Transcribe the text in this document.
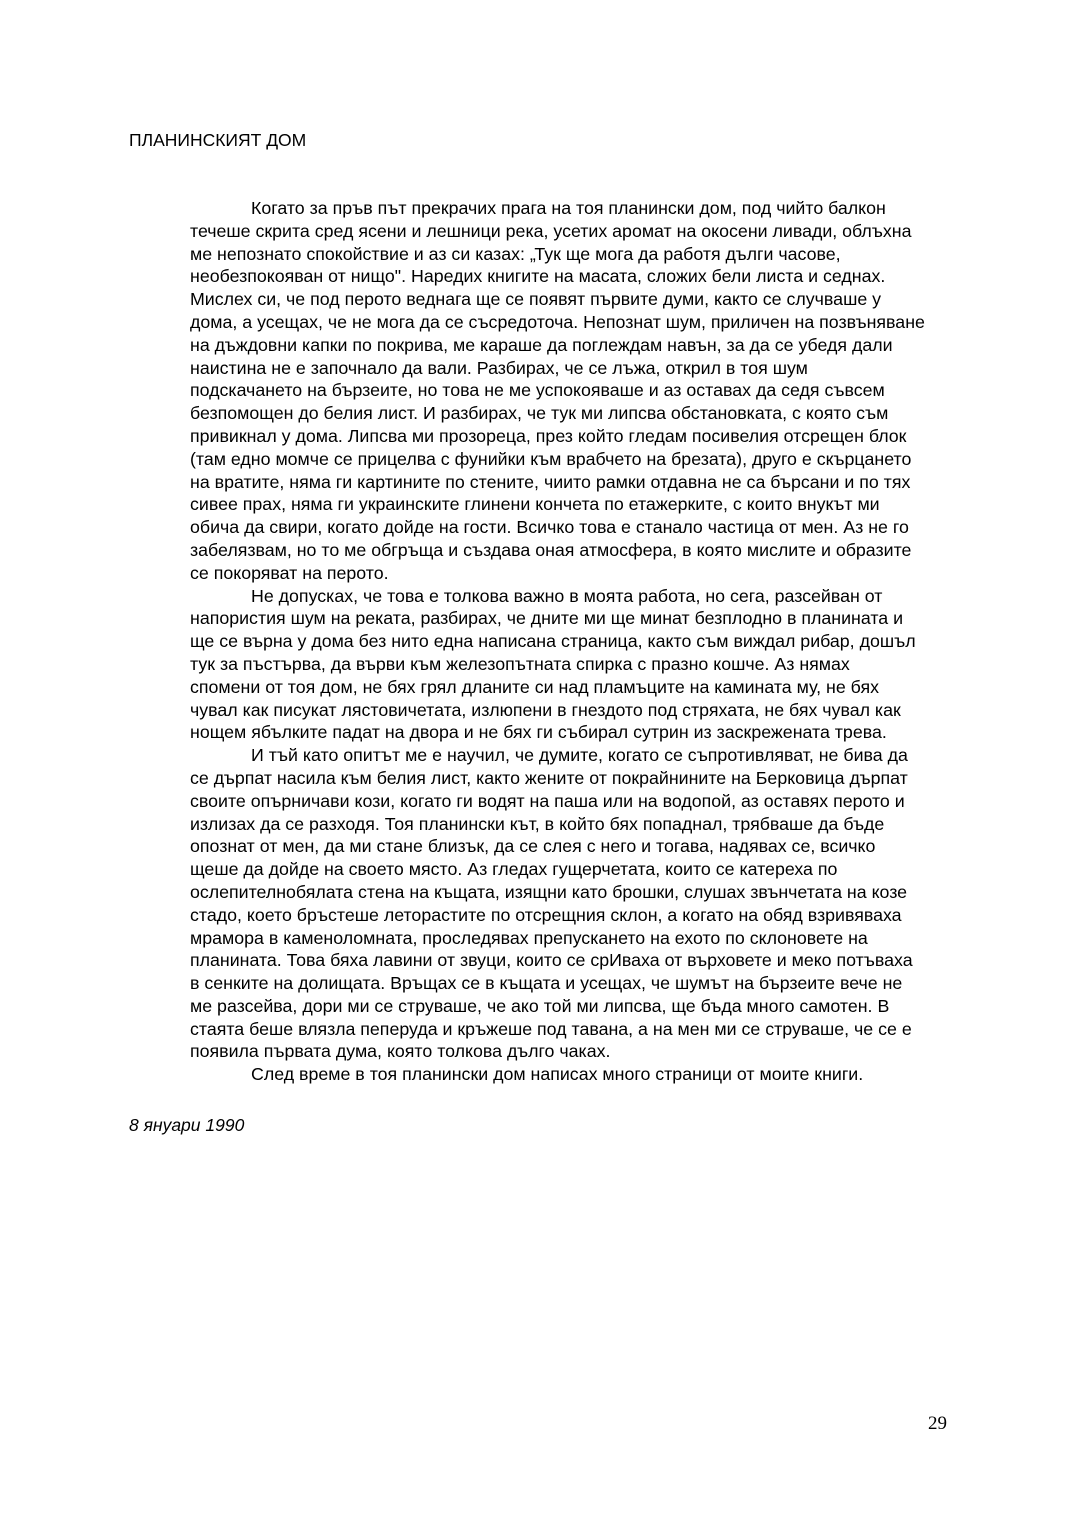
ПЛАНИНСКИЯТ ДОМ

Когато за пръв път прекрачих прага на тоя планински дом, под чийто балкон
течеше скрита сред ясени и лешници река, усетих аромат на окосени ливади, облъхна
ме непознато спокойствие и аз си казах: „Тук ще мога да работя дълги часове,
необезпокояван от нищо". Наредих книгите на масата, сложих бели листа и седнах.
Мислех си, че под перото веднага ще се появят първите думи, както се случваше у
дома, а усещах, че не мога да се съсредоточа. Непознат шум, приличен на позвъняване
на дъждовни капки по покрива, ме караше да поглеждам навън, за да се убедя дали
наистина не е започнало да вали. Разбирах, че се лъжа, открил в тоя шум
подскачането на бързеите, но това не ме успокояваше и аз оставах да седя съвсем
безпомощен до белия лист. И разбирах, че тук ми липсва обстановката, с която съм
привикнал у дома. Липсва ми прозореца, през който гледам посивелия отсрещен блок
(там едно момче се прицелва с фунийки към врабчето на брезата), друго е скърцането
на вратите, няма ги картините по стените, чиито рамки отдавна не са бърсани и по тях
сивее прах, няма ги украинските глинени кончета по етажерките, с които внукът ми
обича да свири, когато дойде на гости. Всичко това е станало частица от мен. Аз не го
забелязвам, но то ме обгръща и създава оная атмосфера, в която мислите и образите
се покоряват на перото.

Не допусках, че това е толкова важно в моята работа, но сега, разсейван от
напористия шум на реката, разбирах, че дните ми ще минат безплодно в планината и
ще се върна у дома без нито една написана страница, както съм виждал рибар, дошъл
тук за пъстърва, да върви към железопътната спирка с празно кошче. Аз нямах
спомени от тоя дом, не бях грял дланите си над пламъците на камината му, не бях
чувал как писукат лястовичетата, излюпени в гнездото под стряхата, не бях чувал как
нощем ябълките падат на двора и не бях ги събирал сутрин из заскрежената трева.

И тъй като опитът ме е научил, че думите, когато се съпротивляват, не бива да
се дърпат насила към белия лист, както жените от покрайнините на Берковица дърпат
своите опърничави кози, когато ги водят на паша или на водопой, аз оставях перото и
излизах да се разходя. Тоя планински кът, в който бях попаднал, трябваше да бъде
опознат от мен, да ми стане близък, да се слея с него и тогава, надявах се, всичко
щеше да дойде на своето място. Аз гледах гущерчетата, които се катереха по
ослепителнобялата стена на къщата, изящни като брошки, слушах звънчетата на козе
стадо, което бръстеше леторастите по отсрещния склон, а когато на обяд взривяваха
мрамора в каменоломната, проследявах препускането на ехото по склоновете на
планината. Това бяха лавини от звуци, които се срИваха от върховете и меко потъваха
в сенките на долищата. Връщах се в къщата и усещах, че шумът на бързеите вече не
ме разсейва, дори ми се струваше, че ако той ми липсва, ще бъда много самотен. В
стаята беше влязла пеперуда и кръжеше под тавана, а на мен ми се струваше, че се е
появила първата дума, която толкова дълго чаках.

След време в тоя планински дом написах много страници от моите книги.

8 януари 1990

29
